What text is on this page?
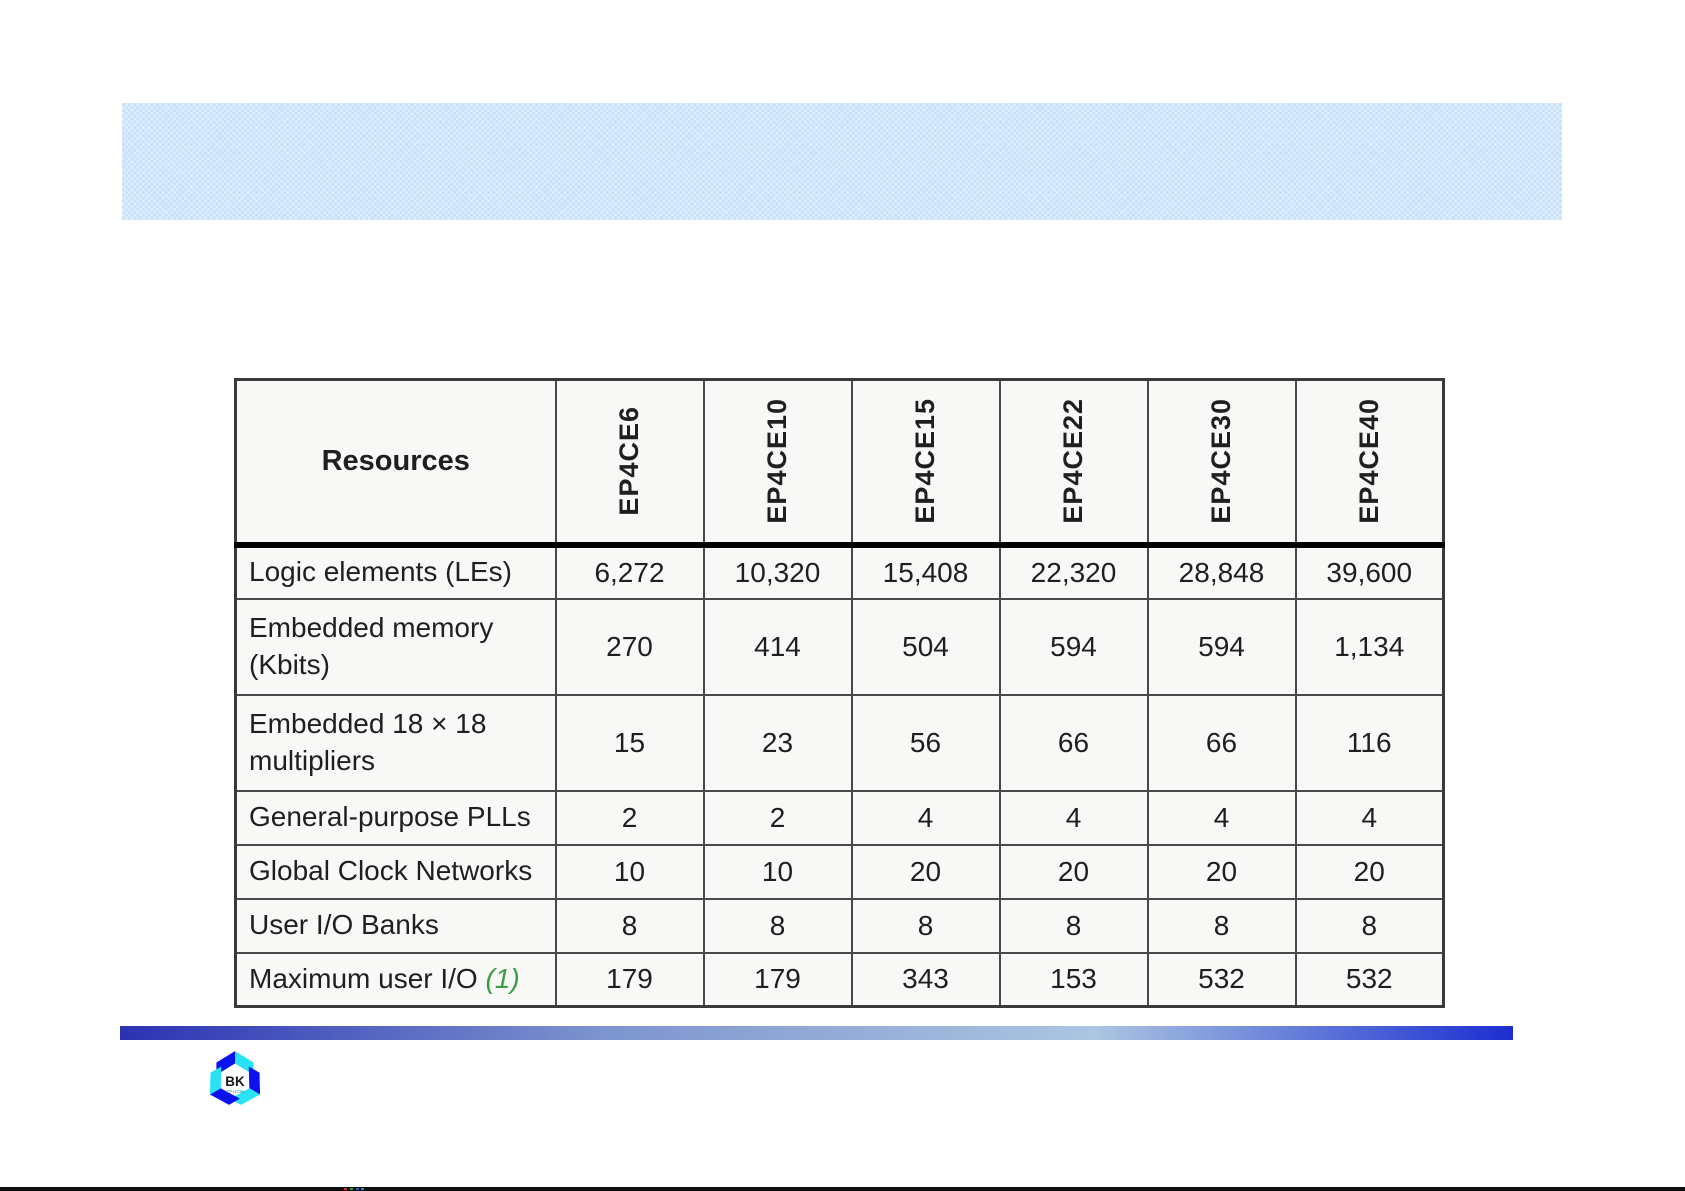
Resources	EP4CE6	EP4CE10	EP4CE15	EP4CE22	EP4CE30	EP4CE40

Logic elements (LEs)	6,272	10,320	15,408	22,320	28,848	39,600
Embedded memory (Kbits)	270	414	504	594	594	1,134
Embedded 18 × 18 multipliers	15	23	56	66	66	116
General-purpose PLLs	2	2	4	4	4	4
Global Clock Networks	10	10	20	20	20	20
User I/O Banks	8	8	8	8	8	8
Maximum user I/O (1)	179	179	343	153	532	532
BK
TP.HCM
